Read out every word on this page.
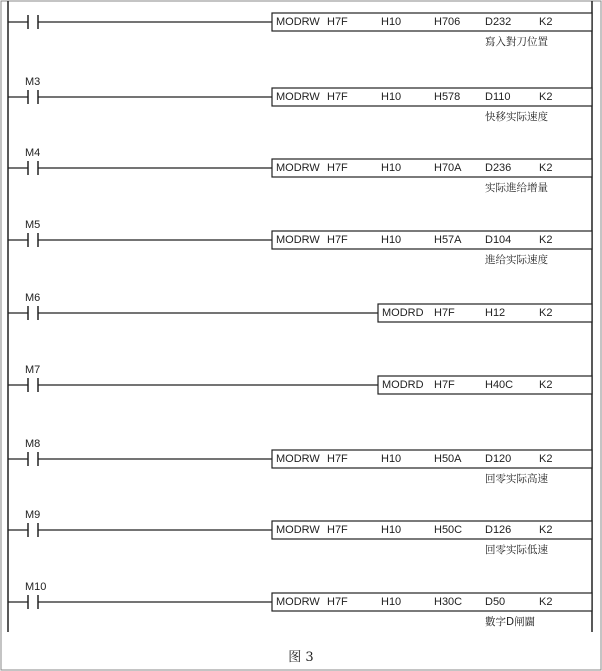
MODRW H7F	H10	H706 D232	K2
寫入對刀位置
M3
MODRW H7F	H10	H578 D110	K2
快移实际速度
M4
MODRW H7F	H10	H70A D236	K2
实际進给增量
M5
MODRW H7F	H10	H57A D104	K2
進给实际速度
M6
MODRD H7F	H12	K2
M7
MODRD H7F	H40C K2
M8
MODRW H7F	H10	H50A D120	K2
回零实际高速
M9
MODRW H7F	H10	H50C D126	K2
回零实际低速
M10
MODRW H7F	H10	H30C D50	K2
數字D闸闢
图 3
